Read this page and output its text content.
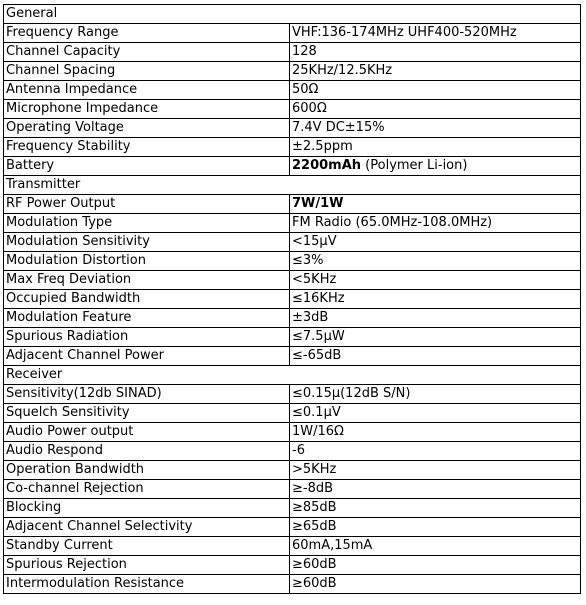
General	
Frequency Range	VHF:136-174MHz UHF400-520MHz
Channel Capacity	128
Channel Spacing	25KHz/12.5KHz
Antenna Impedance	50Ω
Microphone Impedance	600Ω
Operating Voltage	7.4V DC±15%
Frequency Stability	±2.5ppm
Battery	2200mAh (Polymer Li-ion)
Transmitter	
RF Power Output	7W/1W
Modulation Type	FM Radio (65.0MHz-108.0MHz)
Modulation Sensitivity	<15μV
Modulation Distortion	≤3%
Max Freq Deviation	<5KHz
Occupied Bandwidth	≤16KHz
Modulation Feature	±3dB
Spurious Radiation	≤7.5μW
Adjacent Channel Power	≤-65dB
Receiver	
Sensitivity(12db SINAD)	≤0.15μ(12dB S/N)
Squelch Sensitivity	≤0.1μV
Audio Power output	1W/16Ω
Audio Respond	-6
Operation Bandwidth	>5KHz
Co-channel Rejection	≥-8dB
Blocking	≥85dB
Adjacent Channel Selectivity	≥65dB
Standby Current	60mA,15mA
Spurious Rejection	≥60dB
Intermodulation Resistance	≥60dB
